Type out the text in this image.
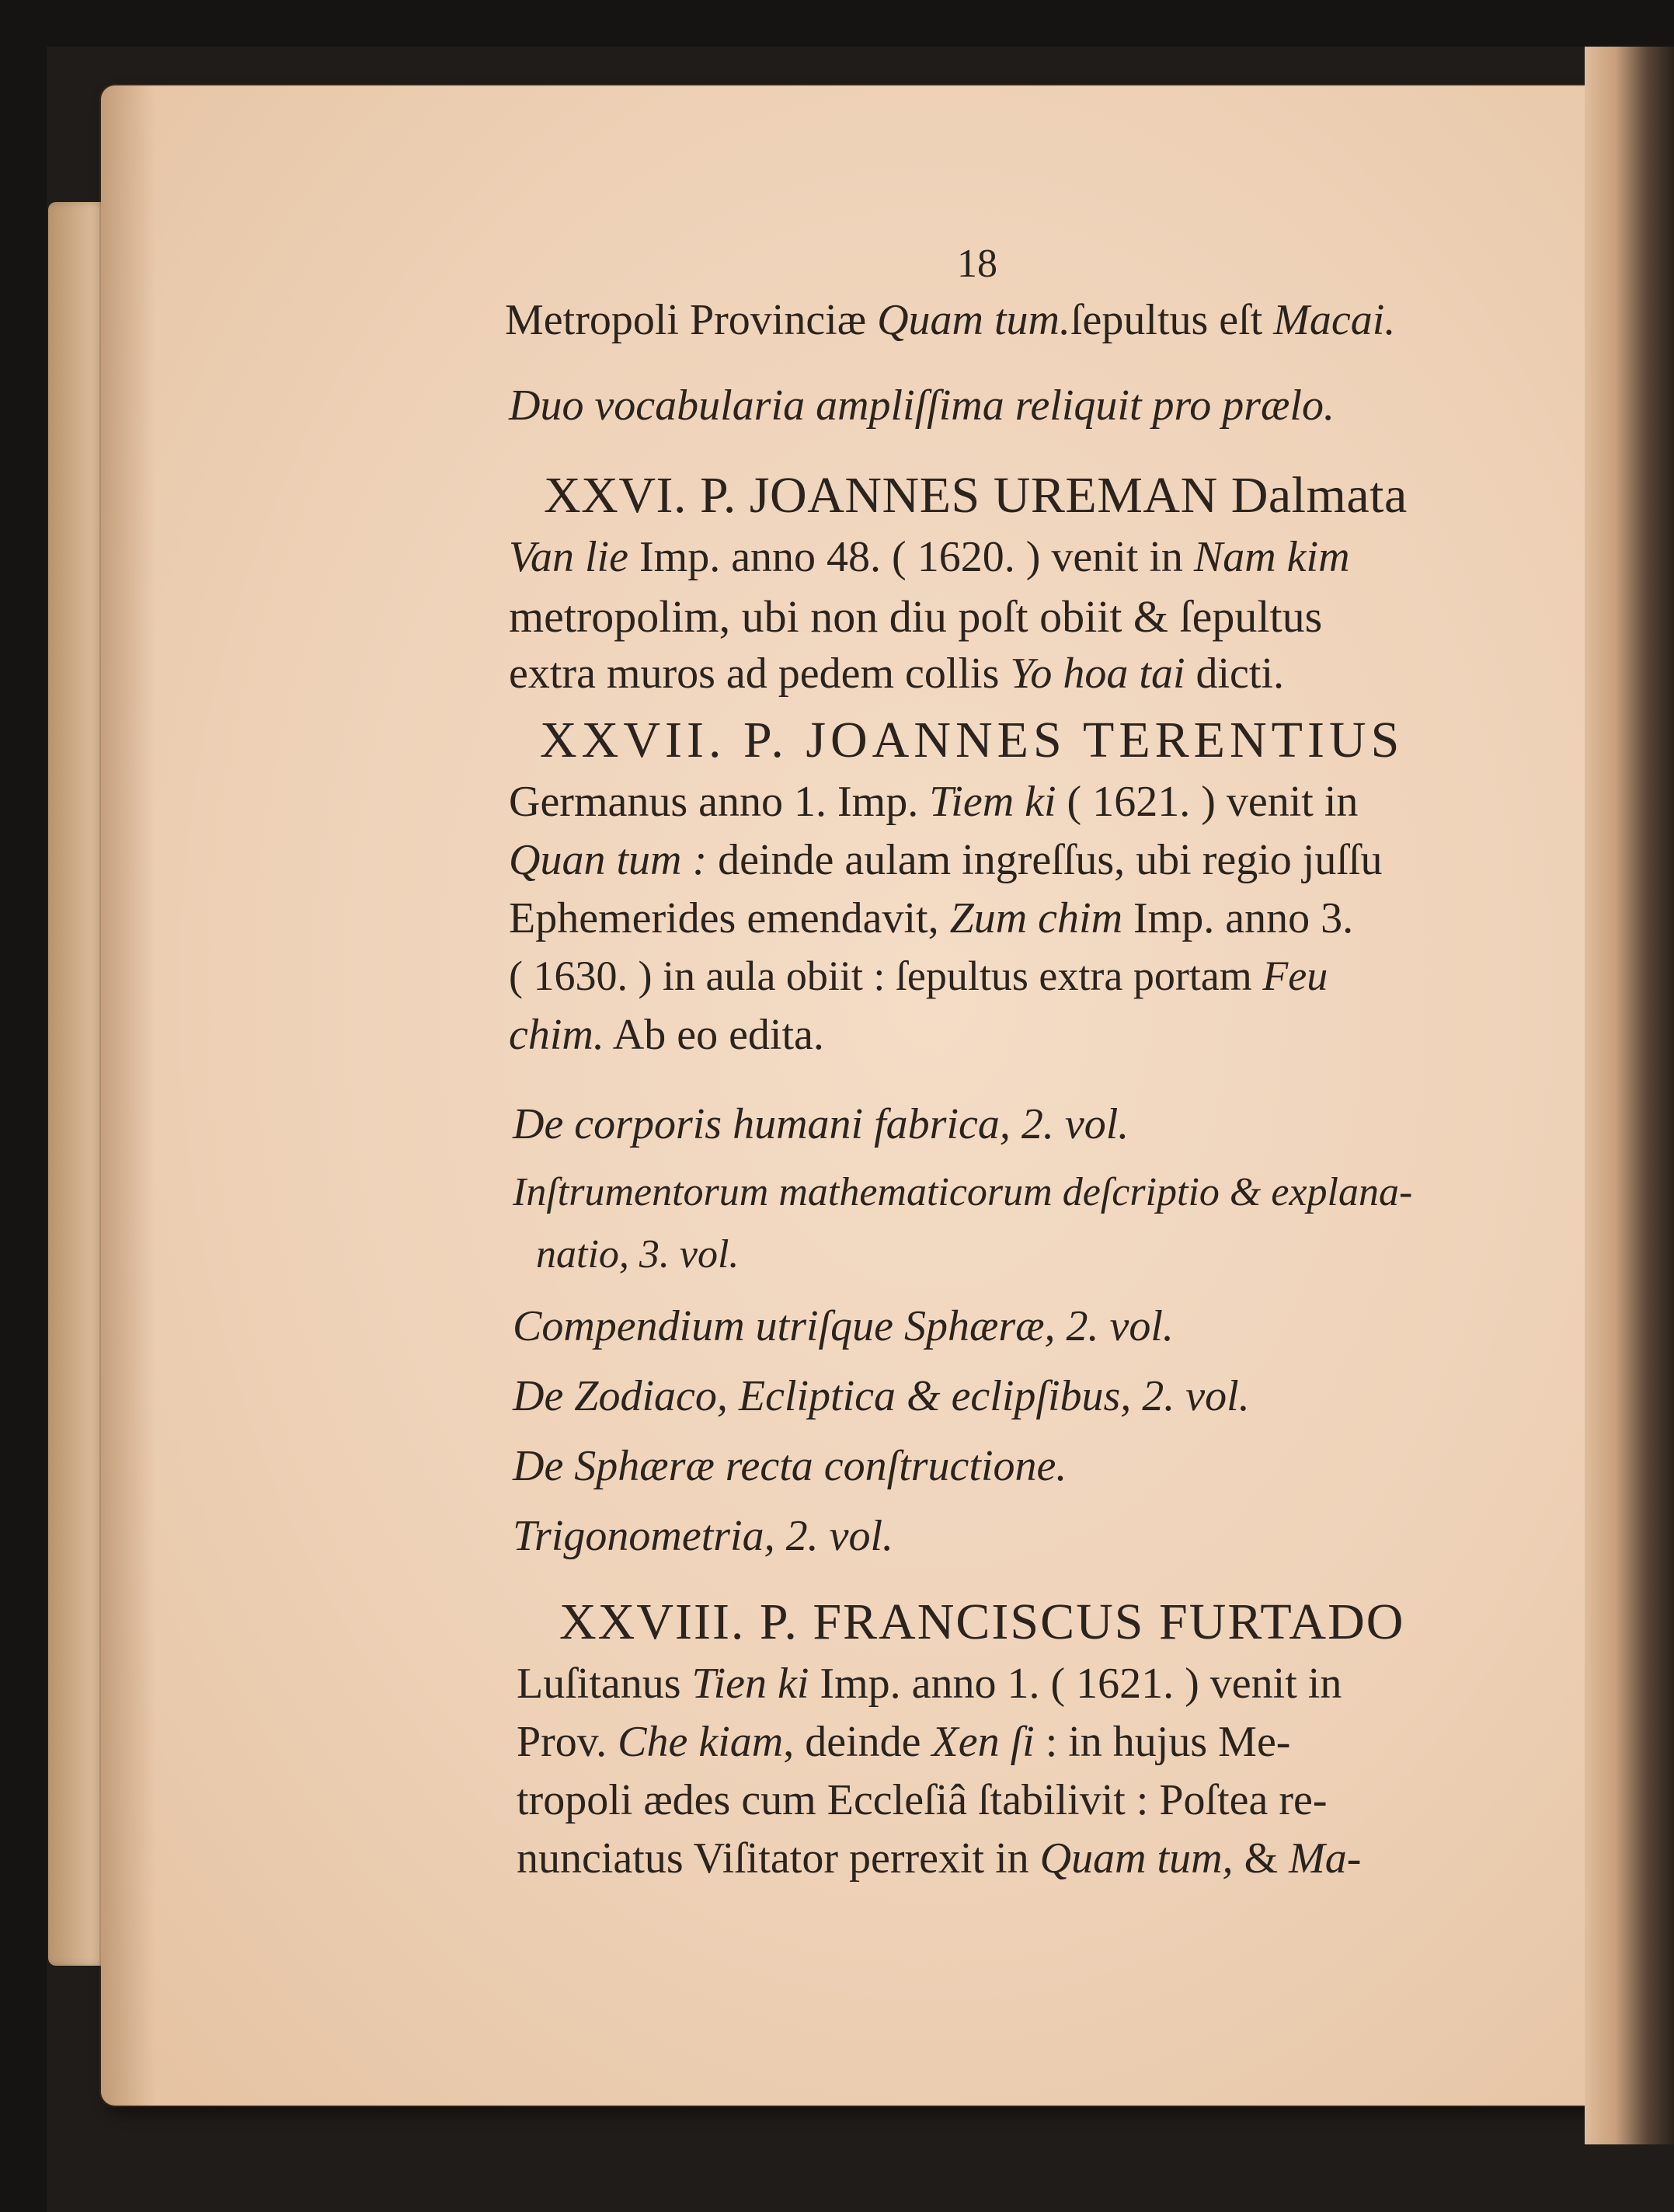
18
Metropoli Provinciæ Quam tum.ſepultus eſt Macai.
Duo vocabularia ampliſſima reliquit pro prælo.
XXVI. P. JOANNES UREMAN Dalmata
Van lie Imp. anno 48. ( 1620. ) venit in Nam kim
metropolim, ubi non diu poſt obiit & ſepultus
extra muros ad pedem collis Yo hoa tai dicti.
XXVII. P. JOANNES TERENTIUS
Germanus anno 1. Imp. Tiem ki ( 1621. ) venit in
Quan tum : deinde aulam ingreſſus, ubi regio juſſu
Ephemerides emendavit, Zum chim Imp. anno 3.
( 1630. ) in aula obiit : ſepultus extra portam Feu
chim. Ab eo edita.
De corporis humani fabrica, 2. vol.
Inſtrumentorum mathematicorum deſcriptio & explana-
natio, 3. vol.
Compendium utriſque Sphæræ, 2. vol.
De Zodiaco, Ecliptica & eclipſibus, 2. vol.
De Sphæræ recta conſtructione.
Trigonometria, 2. vol.
XXVIII. P. FRANCISCUS FURTADO
Luſitanus Tien ki Imp. anno 1. ( 1621. ) venit in
Prov. Che kiam, deinde Xen ſi : in hujus Me-
tropoli ædes cum Eccleſiâ ſtabilivit : Poſtea re-
nunciatus Viſitator perrexit in Quam tum, & Ma-
